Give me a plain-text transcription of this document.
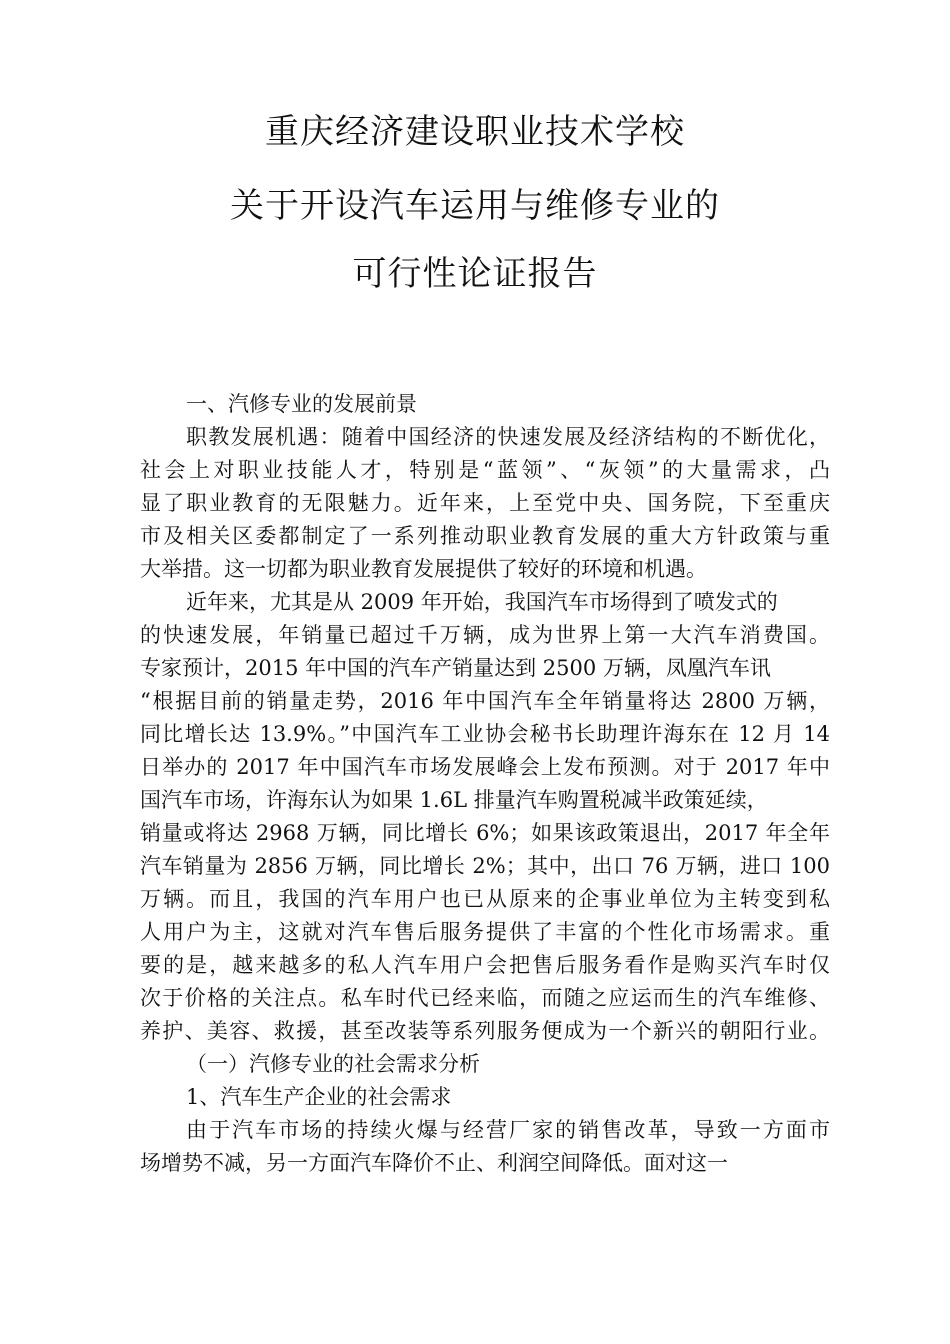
重庆经济建设职业技术学校
关于开设汽车运用与维修专业的
可行性论证报告
一、汽修专业的发展前景
职教发展机遇：随着中国经济的快速发展及经济结构的不断优化，
社会上对职业技能人才，特别是“蓝领”、“灰领”的大量需求，凸
显了职业教育的无限魅力。近年来，上至党中央、国务院，下至重庆
市及相关区委都制定了一系列推动职业教育发展的重大方针政策与重
大举措。这一切都为职业教育发展提供了较好的环境和机遇。
近年来，尤其是从 2009 年开始，我国汽车市场得到了喷发式的
的快速发展，年销量已超过千万辆，成为世界上第一大汽车消费国。
专家预计，2015 年中国的汽车产销量达到 2500 万辆，凤凰汽车讯
“根据目前的销量走势，2016 年中国汽车全年销量将达 2800 万辆，
同比增长达 13.9%。”中国汽车工业协会秘书长助理许海东在 12 月 14
日举办的 2017 年中国汽车市场发展峰会上发布预测。对于 2017 年中
国汽车市场，许海东认为如果 1.6L 排量汽车购置税减半政策延续，
销量或将达 2968 万辆，同比增长 6%；如果该政策退出，2017 年全年
汽车销量为 2856 万辆，同比增长 2%；其中，出口 76 万辆，进口 100
万辆。而且，我国的汽车用户也已从原来的企事业单位为主转变到私
人用户为主，这就对汽车售后服务提供了丰富的个性化市场需求。重
要的是，越来越多的私人汽车用户会把售后服务看作是购买汽车时仅
次于价格的关注点。私车时代已经来临，而随之应运而生的汽车维修、
养护、美容、救援，甚至改装等系列服务便成为一个新兴的朝阳行业。
（一）汽修专业的社会需求分析
1、汽车生产企业的社会需求
由于汽车市场的持续火爆与经营厂家的销售改革，导致一方面市
场增势不减，另一方面汽车降价不止、利润空间降低。面对这一
